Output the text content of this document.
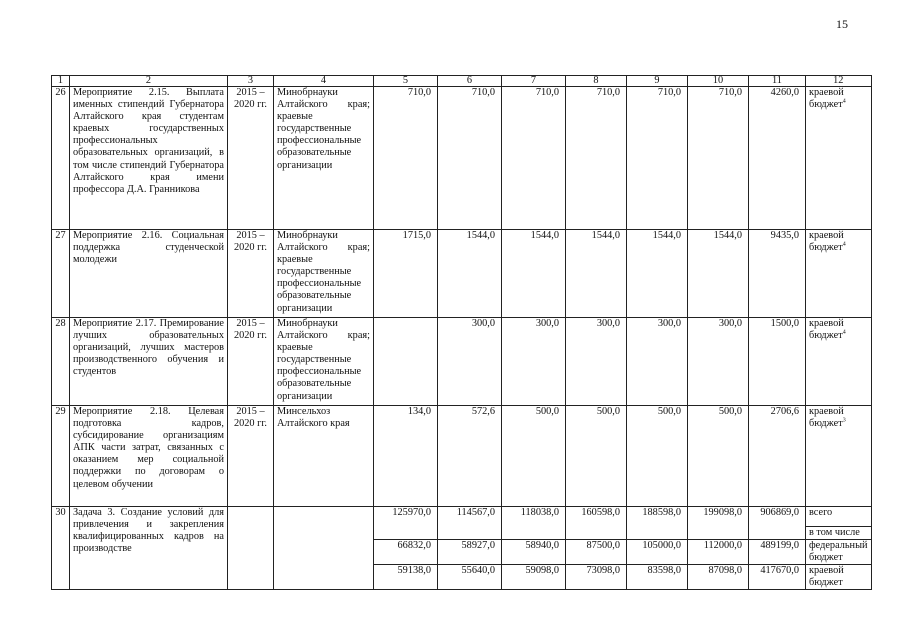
15
1	2	3	4	5	6	7	8	9	10	11	12
26	Мероприятие 2.15. Выплата именных стипендий Губернатора Алтайского края студентам краевых государственных профессиональных образовательных организаций, в том числе стипендий Губернатора Алтайского края имени профессора Д.А. Гранникова	2015 – 2020 гг.	Минобрнауки Алтайского края; краевые государственные профессиональные образовательные организации	710,0	710,0	710,0	710,0	710,0	710,0	4260,0	краевой бюджет$^4$
27	Мероприятие 2.16. Социальная поддержка студенческой молодежи	2015 – 2020 гг.	Минобрнауки Алтайского края; краевые государственные профессиональные образовательные организации	1715,0	1544,0	1544,0	1544,0	1544,0	1544,0	9435,0	краевой бюджет$^4$
28	Мероприятие 2.17. Премирование лучших образовательных организаций, лучших мастеров производственного обучения и студентов	2015 – 2020 гг.	Минобрнауки Алтайского края; краевые государственные профессиональные образовательные организации		300,0	300,0	300,0	300,0	300,0	1500,0	краевой бюджет$^4$
29	Мероприятие 2.18. Целевая подготовка кадров, субсидирование организациям АПК части затрат, связанных с оказанием мер социальной поддержки по договорам о целевом обучении	2015 – 2020 гг.	Минсельхоз Алтайского края	134,0	572,6	500,0	500,0	500,0	500,0	2706,6	краевой бюджет$^3$
30	Задача 3. Создание условий для привлечения и закрепления квалифицированных кадров на производстве			125970,0	114567,0	118038,0	160598,0	188598,0	199098,0	906869,0	всего
											в том числе
				66832,0	58927,0	58940,0	87500,0	105000,0	112000,0	489199,0	федеральный бюджет
				59138,0	55640,0	59098,0	73098,0	83598,0	87098,0	417670,0	краевой бюджет
